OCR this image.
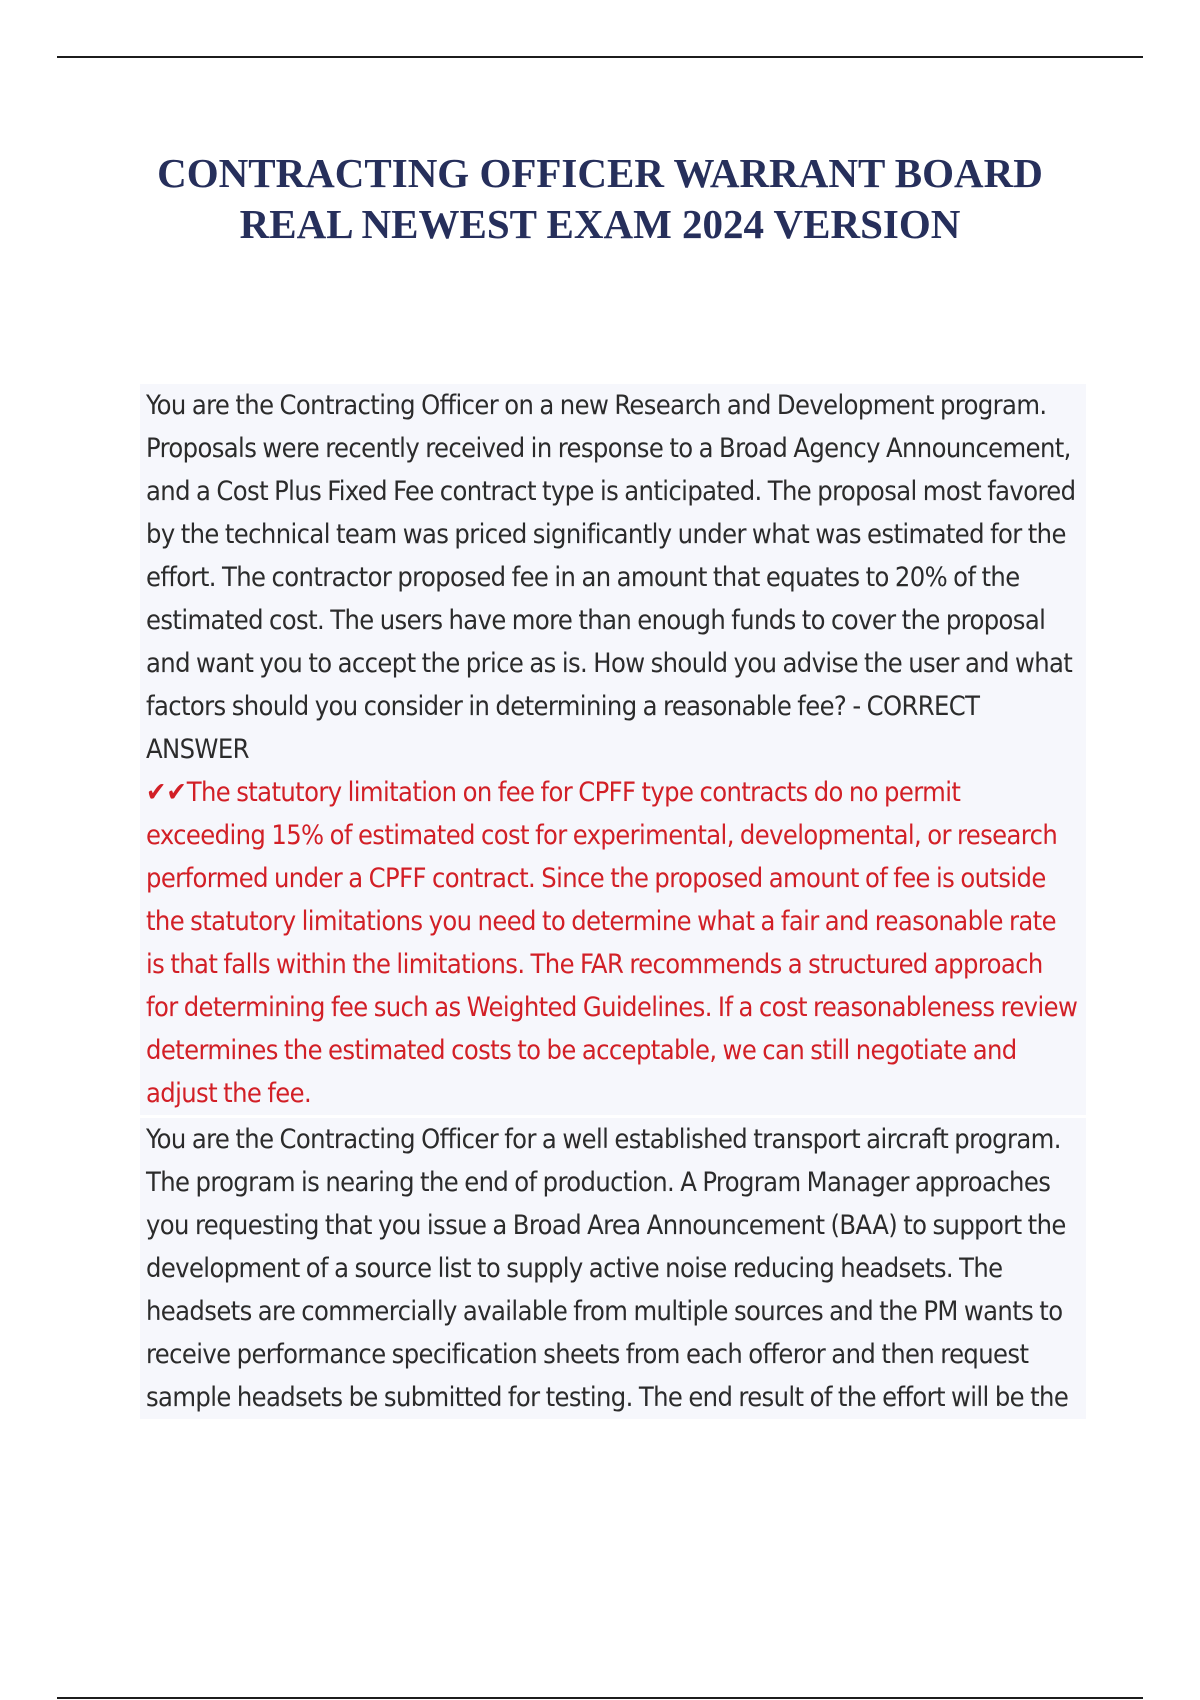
CONTRACTING OFFICER WARRANT BOARD REAL NEWEST EXAM 2024 VERSION

You are the Contracting Officer on a new Research and Development program. Proposals were recently received in response to a Broad Agency Announcement, and a Cost Plus Fixed Fee contract type is anticipated. The proposal most favored by the technical team was priced significantly under what was estimated for the effort. The contractor proposed fee in an amount that equates to 20% of the estimated cost. The users have more than enough funds to cover the proposal and want you to accept the price as is. How should you advise the user and what factors should you consider in determining a reasonable fee? - CORRECT ANSWER
✔✔The statutory limitation on fee for CPFF type contracts do no permit exceeding 15% of estimated cost for experimental, developmental, or research performed under a CPFF contract. Since the proposed amount of fee is outside the statutory limitations you need to determine what a fair and reasonable rate is that falls within the limitations. The FAR recommends a structured approach for determining fee such as Weighted Guidelines. If a cost reasonableness review determines the estimated costs to be acceptable, we can still negotiate and adjust the fee.

You are the Contracting Officer for a well established transport aircraft program. The program is nearing the end of production. A Program Manager approaches you requesting that you issue a Broad Area Announcement (BAA) to support the development of a source list to supply active noise reducing headsets. The headsets are commercially available from multiple sources and the PM wants to receive performance specification sheets from each offeror and then request sample headsets be submitted for testing. The end result of the effort will be the
